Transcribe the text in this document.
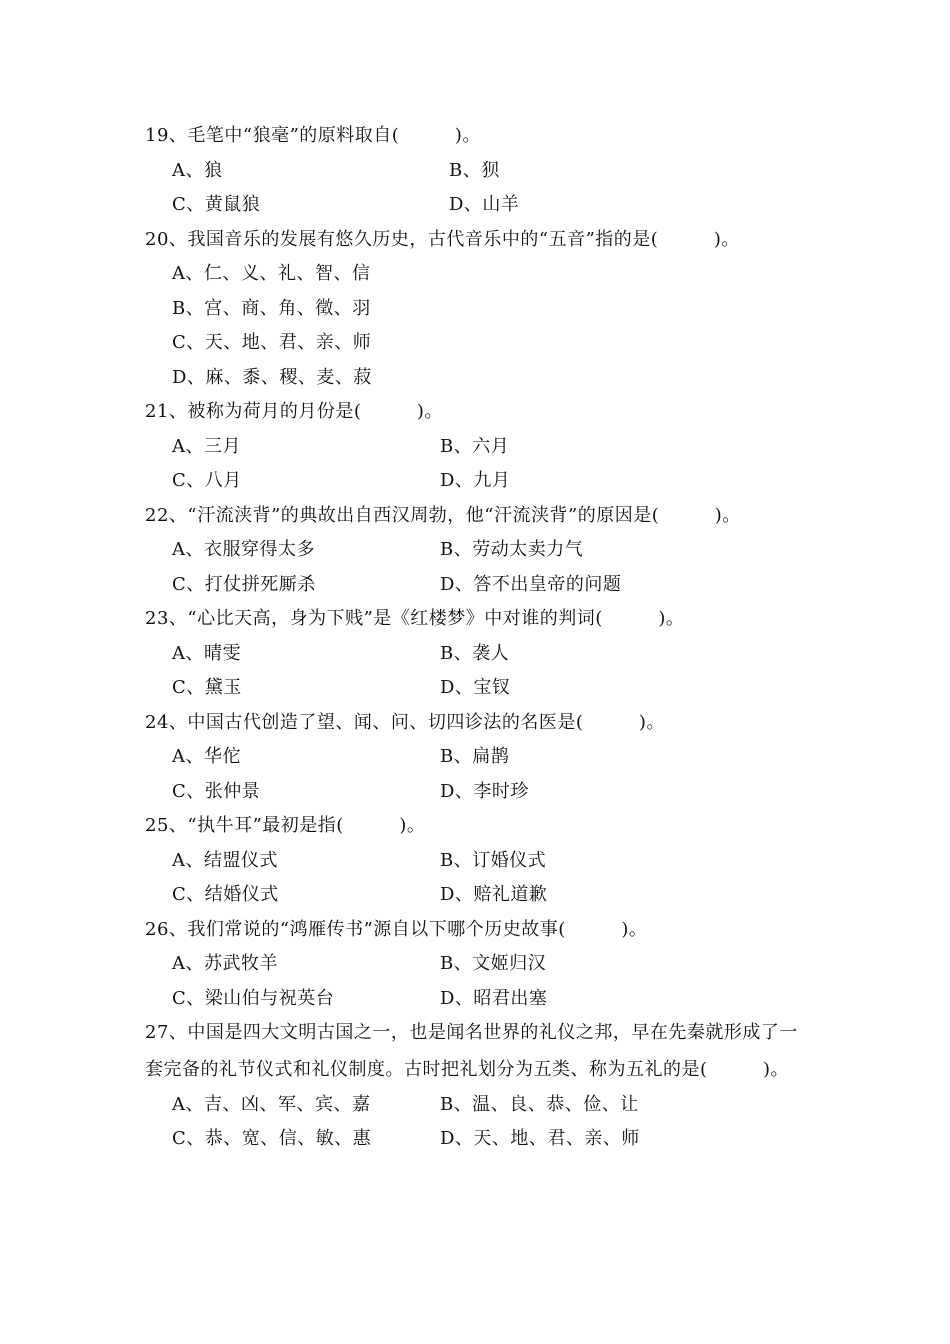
19、毛笔中“狼毫”的原料取自(　　　)。
A、狼	B、狈
C、黄鼠狼	D、山羊
20、我国音乐的发展有悠久历史，古代音乐中的“五音”指的是(　　　)。
A、仁、义、礼、智、信
B、宫、商、角、徵、羽
C、天、地、君、亲、师
D、麻、黍、稷、麦、菽
21、被称为荷月的月份是(　　　)。
A、三月	B、六月
C、八月	D、九月
22、“汗流浃背”的典故出自西汉周勃，他“汗流浃背”的原因是(　　　)。
A、衣服穿得太多	B、劳动太卖力气
C、打仗拼死厮杀	D、答不出皇帝的问题
23、“心比天高，身为下贱”是《红楼梦》中对谁的判词(　　　)。
A、晴雯	B、袭人
C、黛玉	D、宝钗
24、中国古代创造了望、闻、问、切四诊法的名医是(　　　)。
A、华佗	B、扁鹊
C、张仲景	D、李时珍
25、“执牛耳”最初是指(　　　)。
A、结盟仪式	B、订婚仪式
C、结婚仪式	D、赔礼道歉
26、我们常说的“鸿雁传书”源自以下哪个历史故事(　　　)。
A、苏武牧羊	B、文姬归汉
C、梁山伯与祝英台	D、昭君出塞
27、中国是四大文明古国之一，也是闻名世界的礼仪之邦，早在先秦就形成了一
套完备的礼节仪式和礼仪制度。古时把礼划分为五类、称为五礼的是(　　　)。
A、吉、凶、军、宾、嘉	B、温、良、恭、俭、让
C、恭、宽、信、敏、惠	D、天、地、君、亲、师
